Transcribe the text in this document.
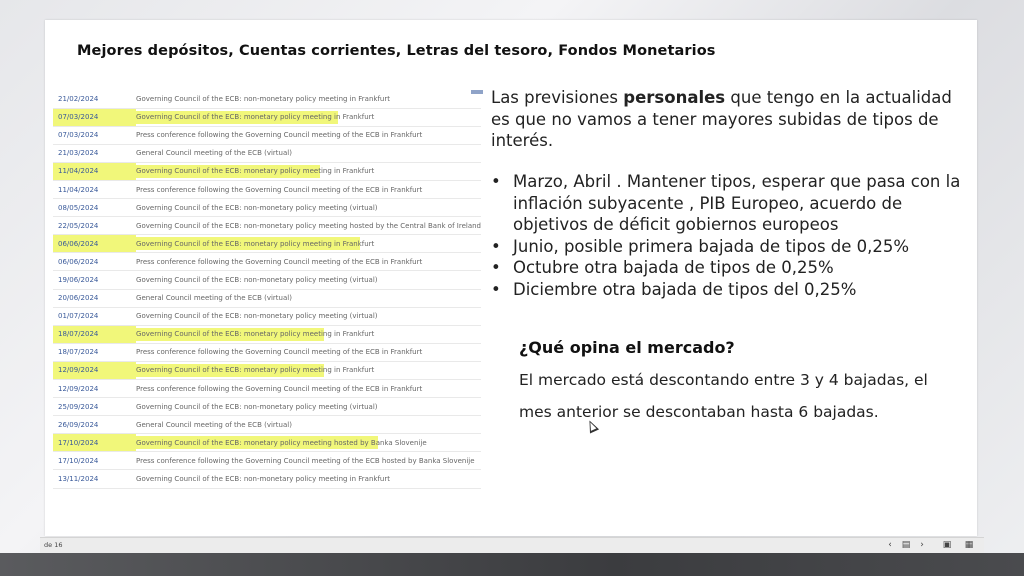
Mejores depósitos, Cuentas corrientes, Letras del tesoro, Fondos Monetarios
21/02/2024	Governing Council of the ECB: non-monetary policy meeting in Frankfurt
07/03/2024	Governing Council of the ECB: monetary policy meeting in Frankfurt
07/03/2024	Press conference following the Governing Council meeting of the ECB in Frankfurt
21/03/2024	General Council meeting of the ECB (virtual)
11/04/2024	Governing Council of the ECB: monetary policy meeting in Frankfurt
11/04/2024	Press conference following the Governing Council meeting of the ECB in Frankfurt
08/05/2024	Governing Council of the ECB: non-monetary policy meeting (virtual)
22/05/2024	Governing Council of the ECB: non-monetary policy meeting hosted by the Central Bank of Ireland
06/06/2024	Governing Council of the ECB: monetary policy meeting in Frankfurt
06/06/2024	Press conference following the Governing Council meeting of the ECB in Frankfurt
19/06/2024	Governing Council of the ECB: non-monetary policy meeting (virtual)
20/06/2024	General Council meeting of the ECB (virtual)
01/07/2024	Governing Council of the ECB: non-monetary policy meeting (virtual)
18/07/2024	Governing Council of the ECB: monetary policy meeting in Frankfurt
18/07/2024	Press conference following the Governing Council meeting of the ECB in Frankfurt
12/09/2024	Governing Council of the ECB: monetary policy meeting in Frankfurt
12/09/2024	Press conference following the Governing Council meeting of the ECB in Frankfurt
25/09/2024	Governing Council of the ECB: non-monetary policy meeting (virtual)
26/09/2024	General Council meeting of the ECB (virtual)
17/10/2024	Governing Council of the ECB: monetary policy meeting hosted by Banka Slovenije
17/10/2024	Press conference following the Governing Council meeting of the ECB hosted by Banka Slovenije
13/11/2024	Governing Council of the ECB: non-monetary policy meeting in Frankfurt

Las previsiones personales que tengo en la actualidad es que no vamos a tener mayores subidas de tipos de interés.

• Marzo, Abril . Mantener tipos, esperar que pasa con la inflación subyacente , PIB Europeo, acuerdo de objetivos de déficit gobiernos europeos
• Junio, posible primera bajada de tipos de 0,25%
• Octubre otra bajada de tipos de 0,25%
• Diciembre otra bajada de tipos del 0,25%
¿Qué opina el mercado?

El mercado está descontando entre 3 y 4 bajadas, el mes anterior se descontaban hasta 6 bajadas.

de 16	‹	▤	›	▣	▦
